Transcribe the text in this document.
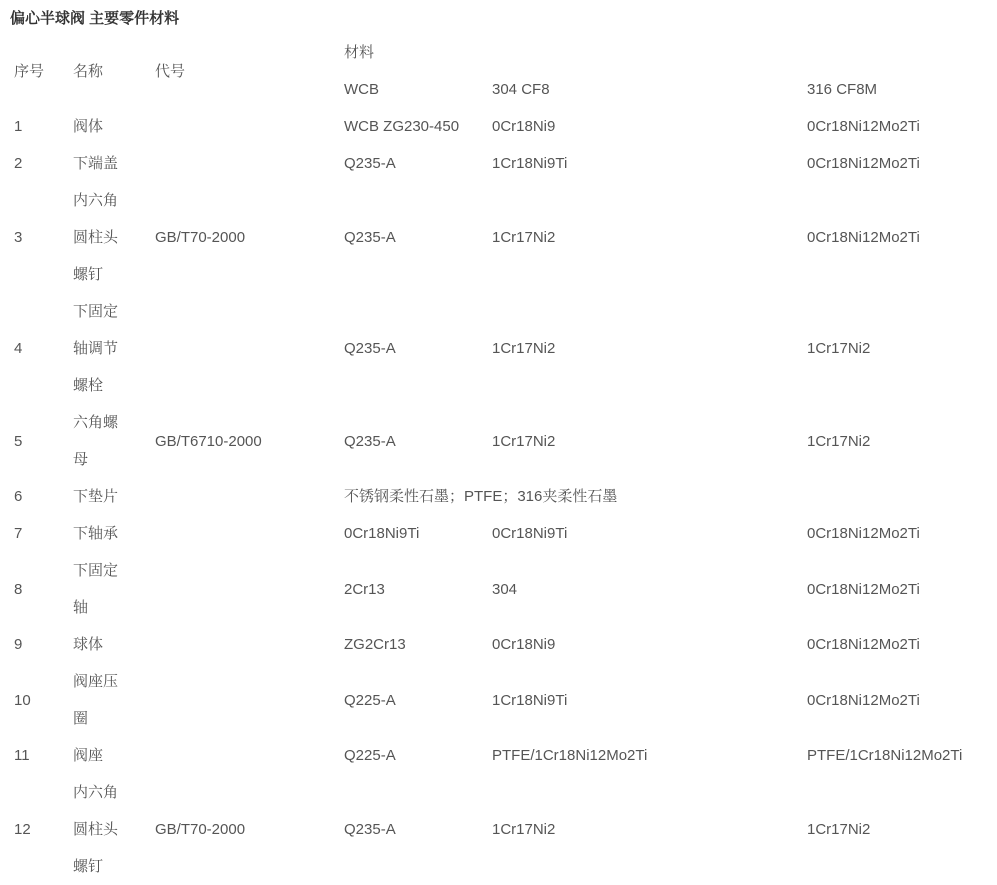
偏心半球阀 主要零件材料
序号	名称	代号	材料		
			WCB	304 CF8	316 CF8M
1	阀体		WCB ZG230-450	0Cr18Ni9	0Cr18Ni12Mo2Ti
2	下端盖		Q235-A	1Cr18Ni9Ti	0Cr18Ni12Mo2Ti
3	内六角圆柱头螺钉	GB/T70-2000	Q235-A	1Cr17Ni2	0Cr18Ni12Mo2Ti
4	下固定轴调节螺栓		Q235-A	1Cr17Ni2	1Cr17Ni2
5	六角螺母	GB/T6710-2000	Q235-A	1Cr17Ni2	1Cr17Ni2
6	下垫片		不锈钢柔性石墨；PTFE；316夹柔性石墨		
7	下轴承		0Cr18Ni9Ti	0Cr18Ni9Ti	0Cr18Ni12Mo2Ti
8	下固定轴		2Cr13	304	0Cr18Ni12Mo2Ti
9	球体		ZG2Cr13	0Cr18Ni9	0Cr18Ni12Mo2Ti
10	阀座压圈		Q225-A	1Cr18Ni9Ti	0Cr18Ni12Mo2Ti
11	阀座		Q225-A	PTFE/1Cr18Ni12Mo2Ti	PTFE/1Cr18Ni12Mo2Ti
12	内六角圆柱头螺钉	GB/T70-2000	Q235-A	1Cr17Ni2	1Cr17Ni2
